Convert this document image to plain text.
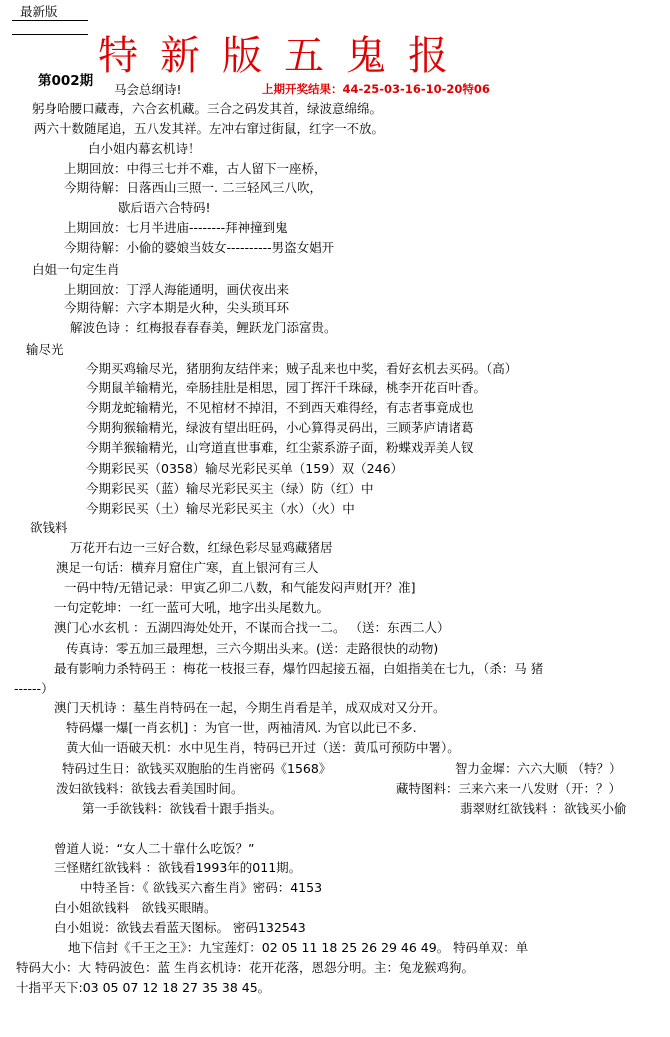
最新版
特新版五鬼报
第002期
马会总纲诗!	上期开奖结果：44-25-03-16-10-20特06
躬身哈腰口藏毒，六合玄机藏。三合之码发其首，绿波意绵绵。
两六十数随尾追，五八发其祥。左冲右窜过街鼠，红字一不放。
白小姐内幕玄机诗！
上期回放：中得三七并不难，古人留下一座桥，
今期待解：日落西山三照一. 二三轻风三八吹，
歇后语六合特码!
上期回放：七月半进庙--------拜神撞到鬼
今期待解：小偷的婆娘当妓女----------男盗女娼开
白姐一句定生肖
上期回放：丁浮人海能通明，画伏夜出来
今期待解：六字本期是火种，尖头琐耳环
解波色诗 ：红梅报春春春美，鲤跃龙门添富贵。
输尽光
今期买鸡输尽光，猪朋狗友结伴来；贼子乱来也中奖，看好玄机去买码。（高）
今期鼠羊输精光，牵肠挂肚是相思，园丁挥汗千珠碌，桃李开花百叶香。
今期龙蛇输精光，不见棺材不掉泪，不到西天难得经，有志者事竟成也
今期狗猴输精光，绿波有望出旺码，小心算得灵码出，三顾茅庐请诸葛
今期羊猴输精光，山穹道直世事难，红尘萦系游子面，粉蝶戏弄美人钗
今期彩民买（0358）输尽光彩民买单（159）双（246）
今期彩民买（蓝）输尽光彩民买主（绿）防（红）中
今期彩民买（土）输尽光彩民买主（水）（火）中
欲钱料
万花开右边一三好合数，红绿色彩尽显鸡藏猪居
澳足一句话：横弃月窟住广寒，直上银河有三人
一码中特/无错记录：甲寅乙卯二八数，和气能发闷声财[开？准]
一句定乾坤：一红一蓝可大吼，地字出头尾数九。
澳门心水玄机 ：五湖四海处处开，不谋而合找一二。 （送：东西二人）
传真诗：零五加三最理想，三六今期出头来。(送：走路很快的动物)
最有影响力杀特码王 ：梅花一枝报三春，爆竹四起接五福，白姐指美在七九，（杀：马 猪
------）
澳门天机诗 ：墓生肖特码在一起，今期生肖看是羊，成双成对又分开。
特码爆一爆[一肖玄机] ：为官一世，两袖清风. 为官以此已不多.
黄大仙一语破天机：水中见生肖，特码已开过（送：黄瓜可预防中署）。
特码过生日：欲钱买双胞胎的生肖密码《1568》	智力金墀：六六大顺 （特？）
泼妇欲钱料：欲钱去看美国时间。	藏特图料：三来六来一八发财（开：？）
第一手欲钱料：欲钱看十跟手指头。	翡翠财红欲钱料 ：欲钱买小偷
曾道人说：“女人二十靠什么吃饭？”
三怪赌红欲钱料 ：欲钱看1993年的011期。
中特圣旨：《 欲钱买六畜生肖》密码：4153
白小姐欲钱料　欲钱买眼睛。
白小姐说：欲钱去看蓝天图标。 密码132543
地下信封《千王之王》：九宝莲灯：02 05 11 18 25 26 29 46 49。 特码单双：单
特码大小：大 特码波色：蓝 生肖玄机诗：花开花落，恩怨分明。主：兔龙猴鸡狗。
十指平天下:03 05 07 12 18 27 35 38 45。
